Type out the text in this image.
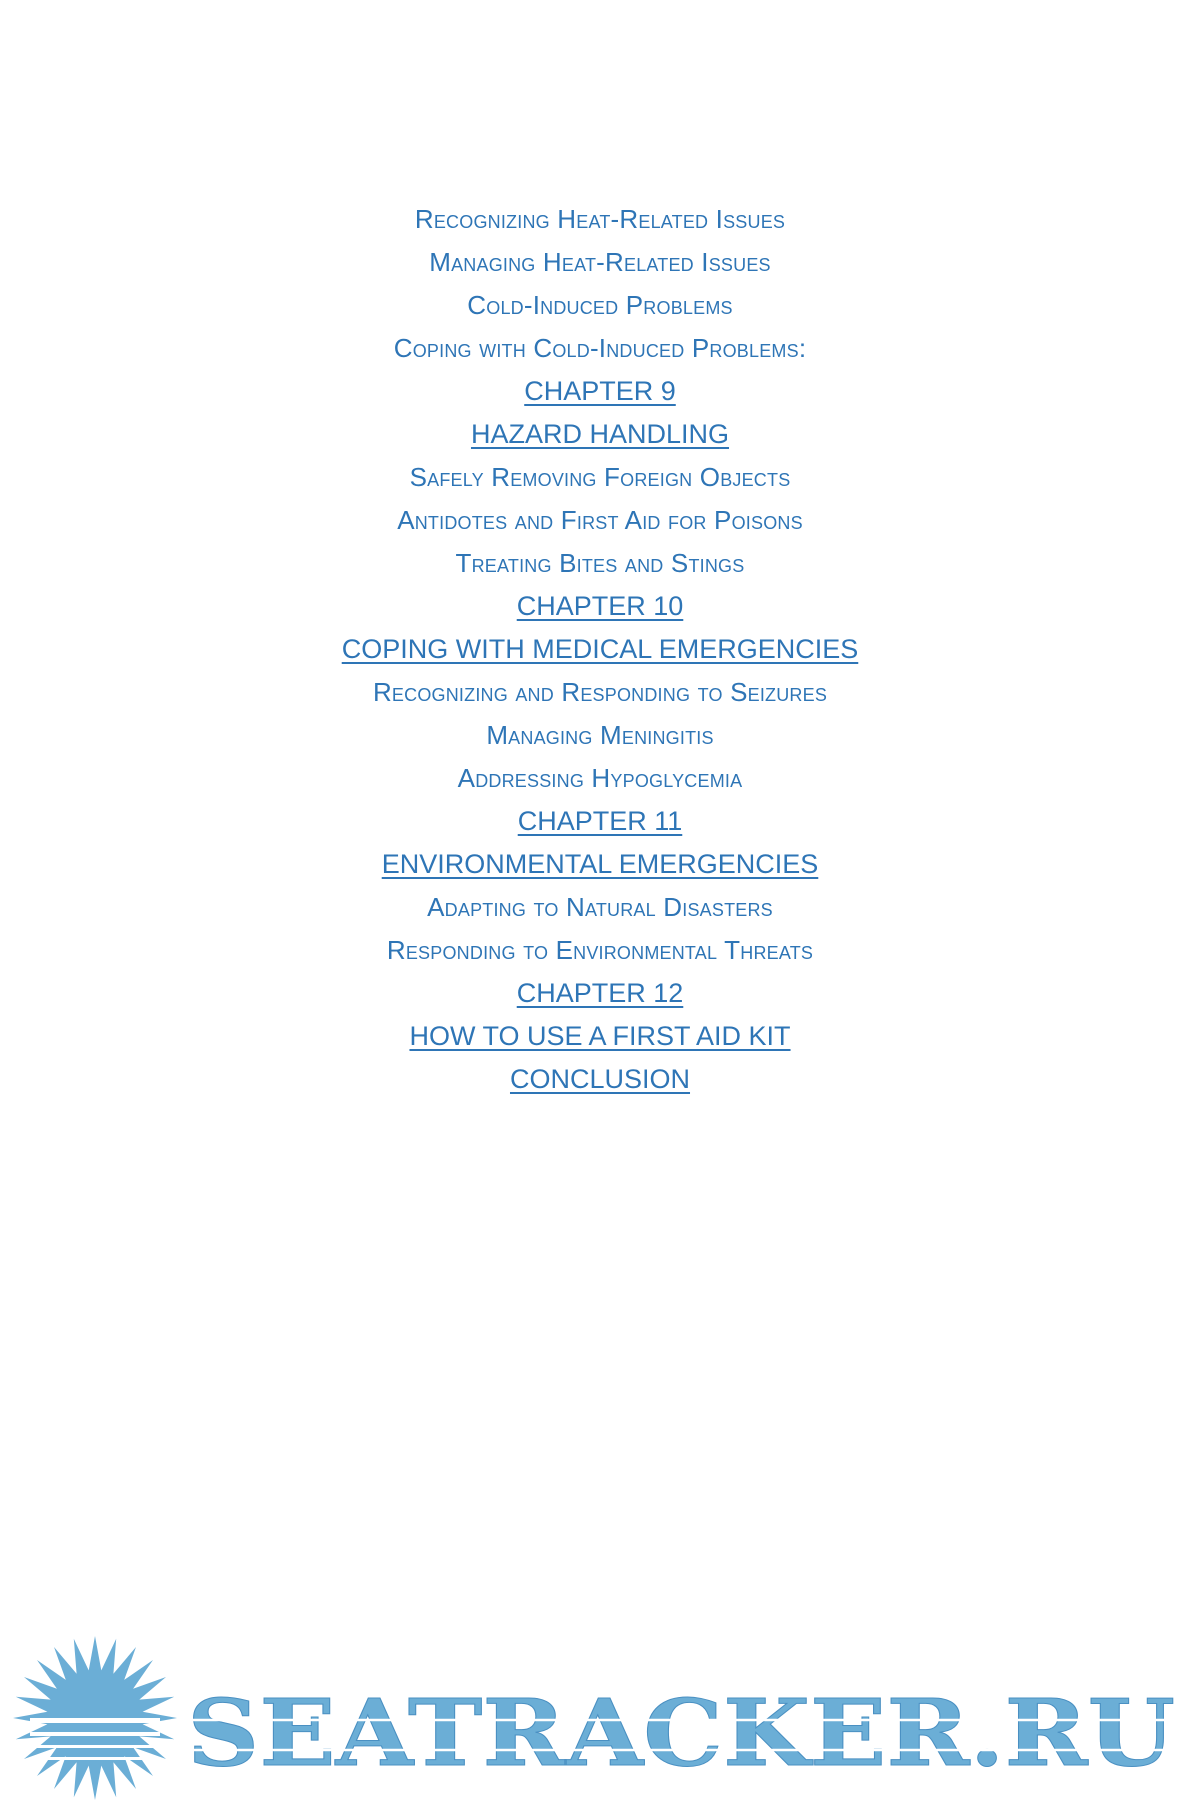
Recognizing Heat-Related Issues
Managing Heat-Related Issues
Cold-Induced Problems
Coping with Cold-Induced Problems:
CHAPTER 9
HAZARD HANDLING
Safely Removing Foreign Objects
Antidotes and First Aid for Poisons
Treating Bites and Stings
CHAPTER 10
COPING WITH MEDICAL EMERGENCIES
Recognizing and Responding to Seizures
Managing Meningitis
Addressing Hypoglycemia
CHAPTER 11
ENVIRONMENTAL EMERGENCIES
Adapting to Natural Disasters
Responding to Environmental Threats
CHAPTER 12
HOW TO USE A FIRST AID KIT
CONCLUSION
SEATRACKER.RU
